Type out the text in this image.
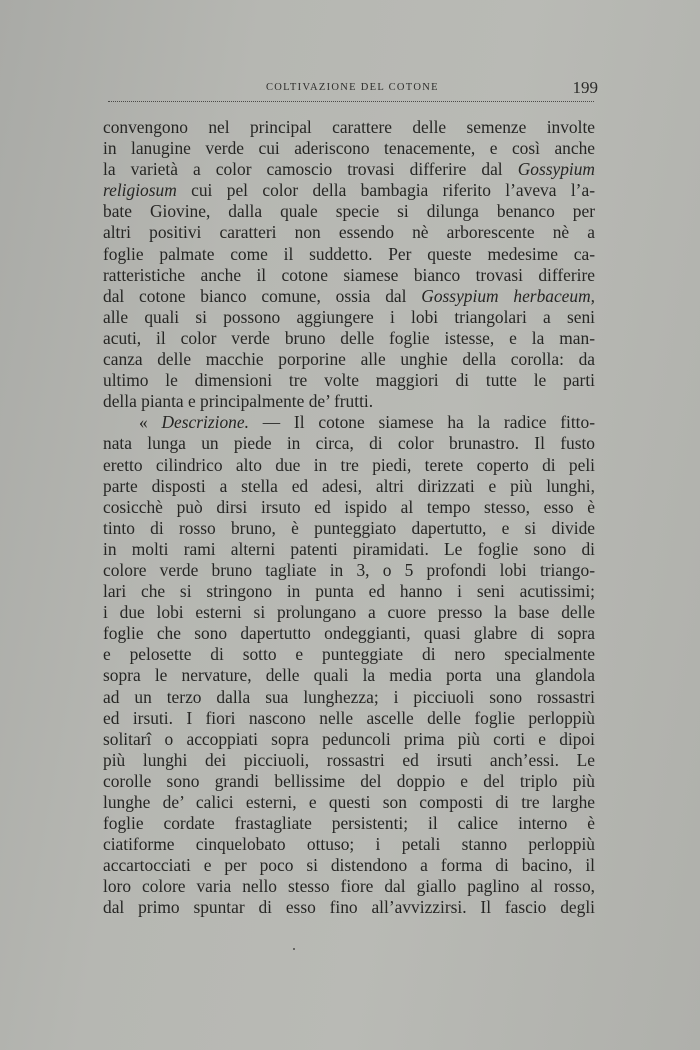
COLTIVAZIONE DEL COTONE	199
convengono nel principal carattere delle semenze involte
in lanugine verde cui aderiscono tenacemente, e così anche
la varietà a color camoscio trovasi differire dal Gossypium
religiosum cui pel color della bambagia riferito l’aveva l’a-
bate Giovine, dalla quale specie si dilunga benanco per
altri positivi caratteri non essendo nè arborescente nè a
foglie palmate come il suddetto. Per queste medesime ca-
ratteristiche anche il cotone siamese bianco trovasi differire
dal cotone bianco comune, ossia dal Gossypium herbaceum,
alle quali si possono aggiungere i lobi triangolari a seni
acuti, il color verde bruno delle foglie istesse, e la man-
canza delle macchie porporine alle unghie della corolla: da
ultimo le dimensioni tre volte maggiori di tutte le parti
della pianta e principalmente de’ frutti.
« Descrizione. — Il cotone siamese ha la radice fitto-
nata lunga un piede in circa, di color brunastro. Il fusto
eretto cilindrico alto due in tre piedi, terete coperto di peli
parte disposti a stella ed adesi, altri dirizzati e più lunghi,
cosicchè può dirsi irsuto ed ispido al tempo stesso, esso è
tinto di rosso bruno, è punteggiato dapertutto, e si divide
in molti rami alterni patenti piramidati. Le foglie sono di
colore verde bruno tagliate in 3, o 5 profondi lobi triango-
lari che si stringono in punta ed hanno i seni acutissimi;
i due lobi esterni si prolungano a cuore presso la base delle
foglie che sono dapertutto ondeggianti, quasi glabre di sopra
e pelosette di sotto e punteggiate di nero specialmente
sopra le nervature, delle quali la media porta una glandola
ad un terzo dalla sua lunghezza; i picciuoli sono rossastri
ed irsuti. I fiori nascono nelle ascelle delle foglie perloppiù
solitarî o accoppiati sopra peduncoli prima più corti e dipoi
più lunghi dei picciuoli, rossastri ed irsuti anch’essi. Le
corolle sono grandi bellissime del doppio e del triplo più
lunghe de’ calici esterni, e questi son composti di tre larghe
foglie cordate frastagliate persistenti; il calice interno è
ciatiforme cinquelobato ottuso; i petali stanno perloppiù
accartocciati e per poco si distendono a forma di bacino, il
loro colore varia nello stesso fiore dal giallo paglino al rosso,
dal primo spuntar di esso fino all’avvizzirsi. Il fascio degli
